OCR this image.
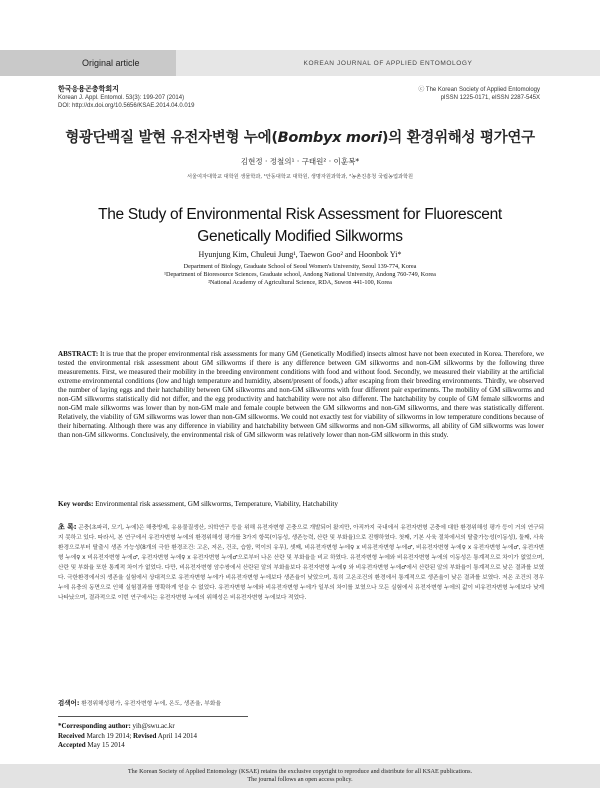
Original article	KOREAN JOURNAL OF APPLIED ENTOMOLOGY
한국응용곤충학회지
Korean J. Appl. Entomol. 53(3): 199-207 (2014)
DOI: http://dx.doi.org/10.5656/KSAE.2014.04.0.019
ⓒ The Korean Society of Applied Entomology
pISSN 1225-0171, eISSN 2287-545X
형광단백질 발현 유전자변형 누에(Bombyx mori)의 환경위해성 평가연구
김현정 · 정철의¹ · 구태원² · 이훈복*
서울여자대학교 대학원 생물학과, ¹안동대학교 대학원, 생명자원과학과, ²농촌진흥청 국립농업과학원
The Study of Environmental Risk Assessment for Fluorescent
Genetically Modified Silkworms
Hyunjung Kim, Chuleui Jung¹, Taewon Goo² and Hoonbok Yi*
Department of Biology, Graduate School of Seoul Women's University, Seoul 139-774, Korea
¹Department of Bioresource Sciences, Graduate school, Andong National University, Andong 760-749, Korea
²National Academy of Agricultural Science, RDA, Suwon 441-100, Korea
ABSTRACT: It is true that the proper environmental risk assessments for many GM (Genetically Modified) insects almost have not been executed in Korea. Therefore, we tested the environmental risk assessment about GM silkworms if there is any difference between GM silkworms and non-GM silkworms by the following three measurements. First, we measured their mobility in the breeding environment conditions with food and without food. Secondly, we measured their viability at the artificial extreme environmental conditions (low and high temperature and humidity, absent/present of foods,) after escaping from their breeding environments. Thirdly, we observed the number of laying eggs and their hatchability between GM silkworms and non-GM silkworms with four different pair experiments. The mobility of GM silkworms and non-GM silkworms statistically did not differ, and the egg productivity and hatchability were not also different. The hatchability by couple of GM female silkworms and non-GM male silkworms was lower than by non-GM male and female couple between the GM silkworms and non-GM silkworms, and there was statistically different. Relatively, the viability of GM silkworms was lower than non-GM silkworms. We could not exactly test for viability of silkworms in low temperature conditions because of their hibernating. Although there was any difference in viability and hatchability between GM silkworms and non-GM silkworms, all ability of GM silkworms was lower than non-GM silkworms. Conclusively, the environmental risk of GM silkworm was relatively lower than non-GM silkworm in this study.
Key words: Environmental risk assessment, GM silkworms, Temperature, Viability, Hatchability
초 록: 곤충(초파리, 모기, 누에)은 해충방제, 유용물질생산, 의학연구 등을 위해 유전자변형 곤충으로 개발되어 왔지만, 아직까지 국내에서 유전자변형 곤충에 대한 환경위해성 평가 등이 거의 연구되지 못하고 있다. 따라서, 본 연구에서 유전자변형 누에의 환경위해성 평가를 3가지 항목(이동성, 생존능력, 산란 및 부화율)으로 진행하였다. 첫째, 기본 사육 절차에서의 탈출가능성(이동성), 둘째, 사육환경으로부터 탈출시 생존 가능성(8개의 극한 환경조건: 고온, 저온, 건조, 습함, 먹이의 유무), 셋째, 비유전자변형 누에♀ x 비유전자변형 누에♂, 비유전자변형 누에♀ x 유전자변형 누에♂, 유전자변형 누에♀ x 비유전자변형 누에♂, 유전자변형 누에♀ x 유전자변형 누에♂으로부터 나온 산란 및 부화율을 비교 하였다. 유전자변형 누에와 비유전자변형 누에의 이동성은 통계적으로 차이가 없었으며, 산란 및 부화율 또한 통계적 차이가 없었다. 다만, 비유전자변형 암수쌍에서 산란된 알의 부화율보다 유전자변형 누에♀ 와 비유전자변형 누에♂에서 산란된 알의 부화율이 통계적으로 낮은 결과를 보였다. 극한환경에서의 생존율 실험에서 상대적으로 유전자변형 누에가 비유전자변형 누에보다 생존율이 낮았으며, 특히 고온조건의 환경에서 통계적으로 생존율이 낮은 결과를 보였다. 저온 조건의 경우 누에 유충의 동면으로 인해 실험결과를 명확하게 얻을 수 없었다. 유전자변형 누에와 비유전자변형 누에가 일부의 차이를 보였으나 모든 실험에서 유전자변형 누에의 값이 비유전자변형 누에보다 낮게 나타났으며, 결과적으로 이번 연구에서는 유전자변형 누에의 위해성은 비유전자변형 누에보다 적었다.
검색어: 환경위해성평가, 유전자변형 누에, 온도, 생존율, 부화율
*Corresponding author: yih@swu.ac.kr
Received March 19 2014; Revised April 14 2014
Accepted May 15 2014
The Korean Society of Applied Entomology (KSAE) retains the exclusive copyright to reproduce and distribute for all KSAE publications.
The journal follows an open access policy.
